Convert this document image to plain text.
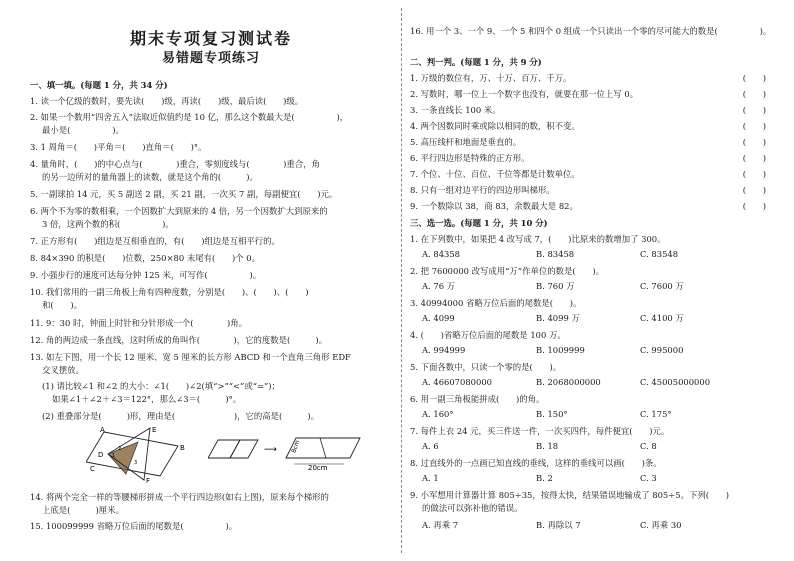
期末专项复习测试卷
易错题专项练习
一、填一填。(每题 1 分，共 34 分)
1. 读一个亿级的数时，要先读(　　)级，再读(　　)级，最后读(　　)级。
2. 如果一个数用“四舍五入”法取近似值约是 10 亿，那么这个数最大是(　　　　　)，
最小是(　　　　　)。
3. 1 周角＝(　　)平角＝(　　)直角＝(　　)°。
4. 量角时，(　　)的中心点与(　　　　)重合，零刻度线与(　　　　)重合，角
的另一边所对的量角器上的读数，就是这个角的(　　　)。
5. 一副球拍 14 元，买 5 副送 2 副，买 21 副，一次买 7 副，每副便宜(　　)元。
6. 两个不为零的数相乘，一个因数扩大到原来的 4 倍，另一个因数扩大到原来的
3 倍，这两个数的积(　　　　　)。
7. 正方形有(　　)组边是互相垂直的，有(　　)组边是互相平行的。
8. 84×390 的积是(　　)位数，250×80 末尾有(　　)个 0。
9. 小强步行的速度可达每分钟 125 米，可写作(　　　　　)。
10. 我们常用的一副三角板上角有四种度数，分别是(　　)、(　　)、(　　)
和(　　)。
11. 9：30 时，钟面上时针和分针形成一个(　　　　)角。
12. 角的两边成一条直线，这时所成的角叫作(　　　　)，它的度数是(　　　)。
13. 如左下图，用一个长 12 厘米、宽 5 厘米的长方形 ABCD 和一个直角三角形 EDF
交叉摆放。
(1) 请比较∠1 和∠2 的大小：∠1(　　)∠2(填“>”“<”或“=”)；
如果∠1＋∠2＋∠3＝122°，那么∠3＝(　　　)°。
(2) 重叠部分是(　　　)形，理由是(　　　　　　　)，它的高是(　　　)。
A	E
D 1
2
3
B
C
F
⟶ 8cm
20cm
14. 将两个完全一样的等腰梯形拼成一个平行四边形(如右上图)，原来每个梯形的
上底是(　　　)厘米。
15. 100099999 省略万位后面的尾数是(　　　　　)。
16. 用一个 3、一个 9、一个 5 和四个 0 组成一个只读出一个零的尽可能大的数是(　　　　　)。
二、判一判。(每题 1 分，共 9 分)
1. 万级的数位有，万、十万、百万、千万。	(　　)
2. 写数时，哪一位上一个数字也没有，就要在那一位上写 0。	(　　)
3. 一条直线长 100 米。	(　　)
4. 两个因数同时乘或除以相同的数，积不变。	(　　)
5. 高压线杆和地面是垂直的。	(　　)
6. 平行四边形是特殊的正方形。	(　　)
7. 个位、十位、百位、千位等都是计数单位。	(　　)
8. 只有一组对边平行的四边形叫梯形。	(　　)
9. 一个数除以 38，商 83，余数最大是 82。	(　　)
三、选一选。(每题 1 分，共 10 分)
1. 在下列数中，如果把 4 改写成 7，(　　)比原来的数增加了 300。
A. 84358	B. 83458	C. 83548
2. 把 7600000 改写成用“万”作单位的数是(　　)。
A. 76 万	B. 760 万	C. 7600 万
3. 40994000 省略万位后面的尾数是(　　)。
A. 4099	B. 4099 万	C. 4100 万
4. (　　)省略万位后面的尾数是 100 万。
A. 994999	B. 1009999	C. 995000
5. 下面各数中，只读一个零的是(　　)。
A. 46607080000	B. 2068000000	C. 45005000000
6. 用一副三角板能拼成(　　)的角。
A. 160°	B. 150°	C. 175°
7. 每件上衣 24 元，买三件送一件，一次买四件，每件便宜(　　)元。
A. 6	B. 18	C. 8
8. 过直线外的一点画已知直线的垂线，这样的垂线可以画(　　)条。
A. 1	B. 2	C. 3
9. 小军想用计算器计算 805÷35，按得太快，结果错误地输成了 805÷5。下列(　　)
的做法可以弥补他的错误。
A. 再乘 7	B. 再除以 7	C. 再乘 30
